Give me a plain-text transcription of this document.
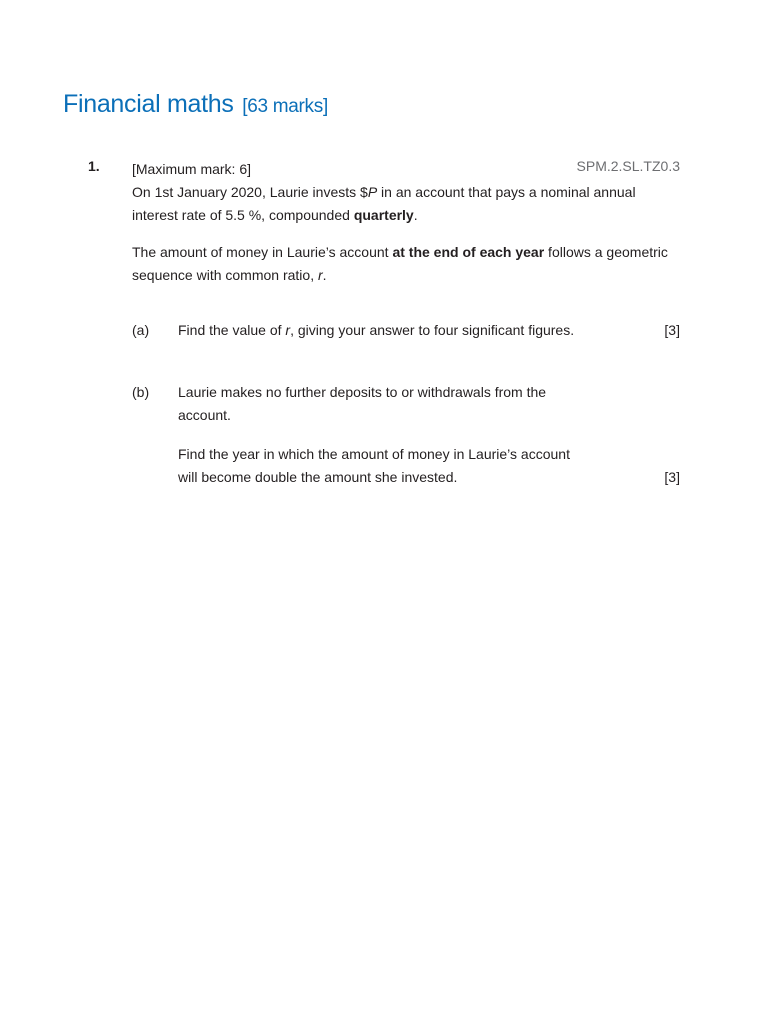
Financial maths [63 marks]
1.	SPM.2.SL.TZ0.3

[Maximum mark: 6]

On 1st January 2020, Laurie invests $P in an account that pays a nominal annual interest rate of 5.5 %, compounded quarterly.

The amount of money in Laurie’s account at the end of each year follows a geometric sequence with common ratio, r.

(a) Find the value of r, giving your answer to four significant figures.	[3]
(b) Laurie makes no further deposits to or withdrawals from the account.

Find the year in which the amount of money in Laurie’s account will become double the amount she invested.	[3]
